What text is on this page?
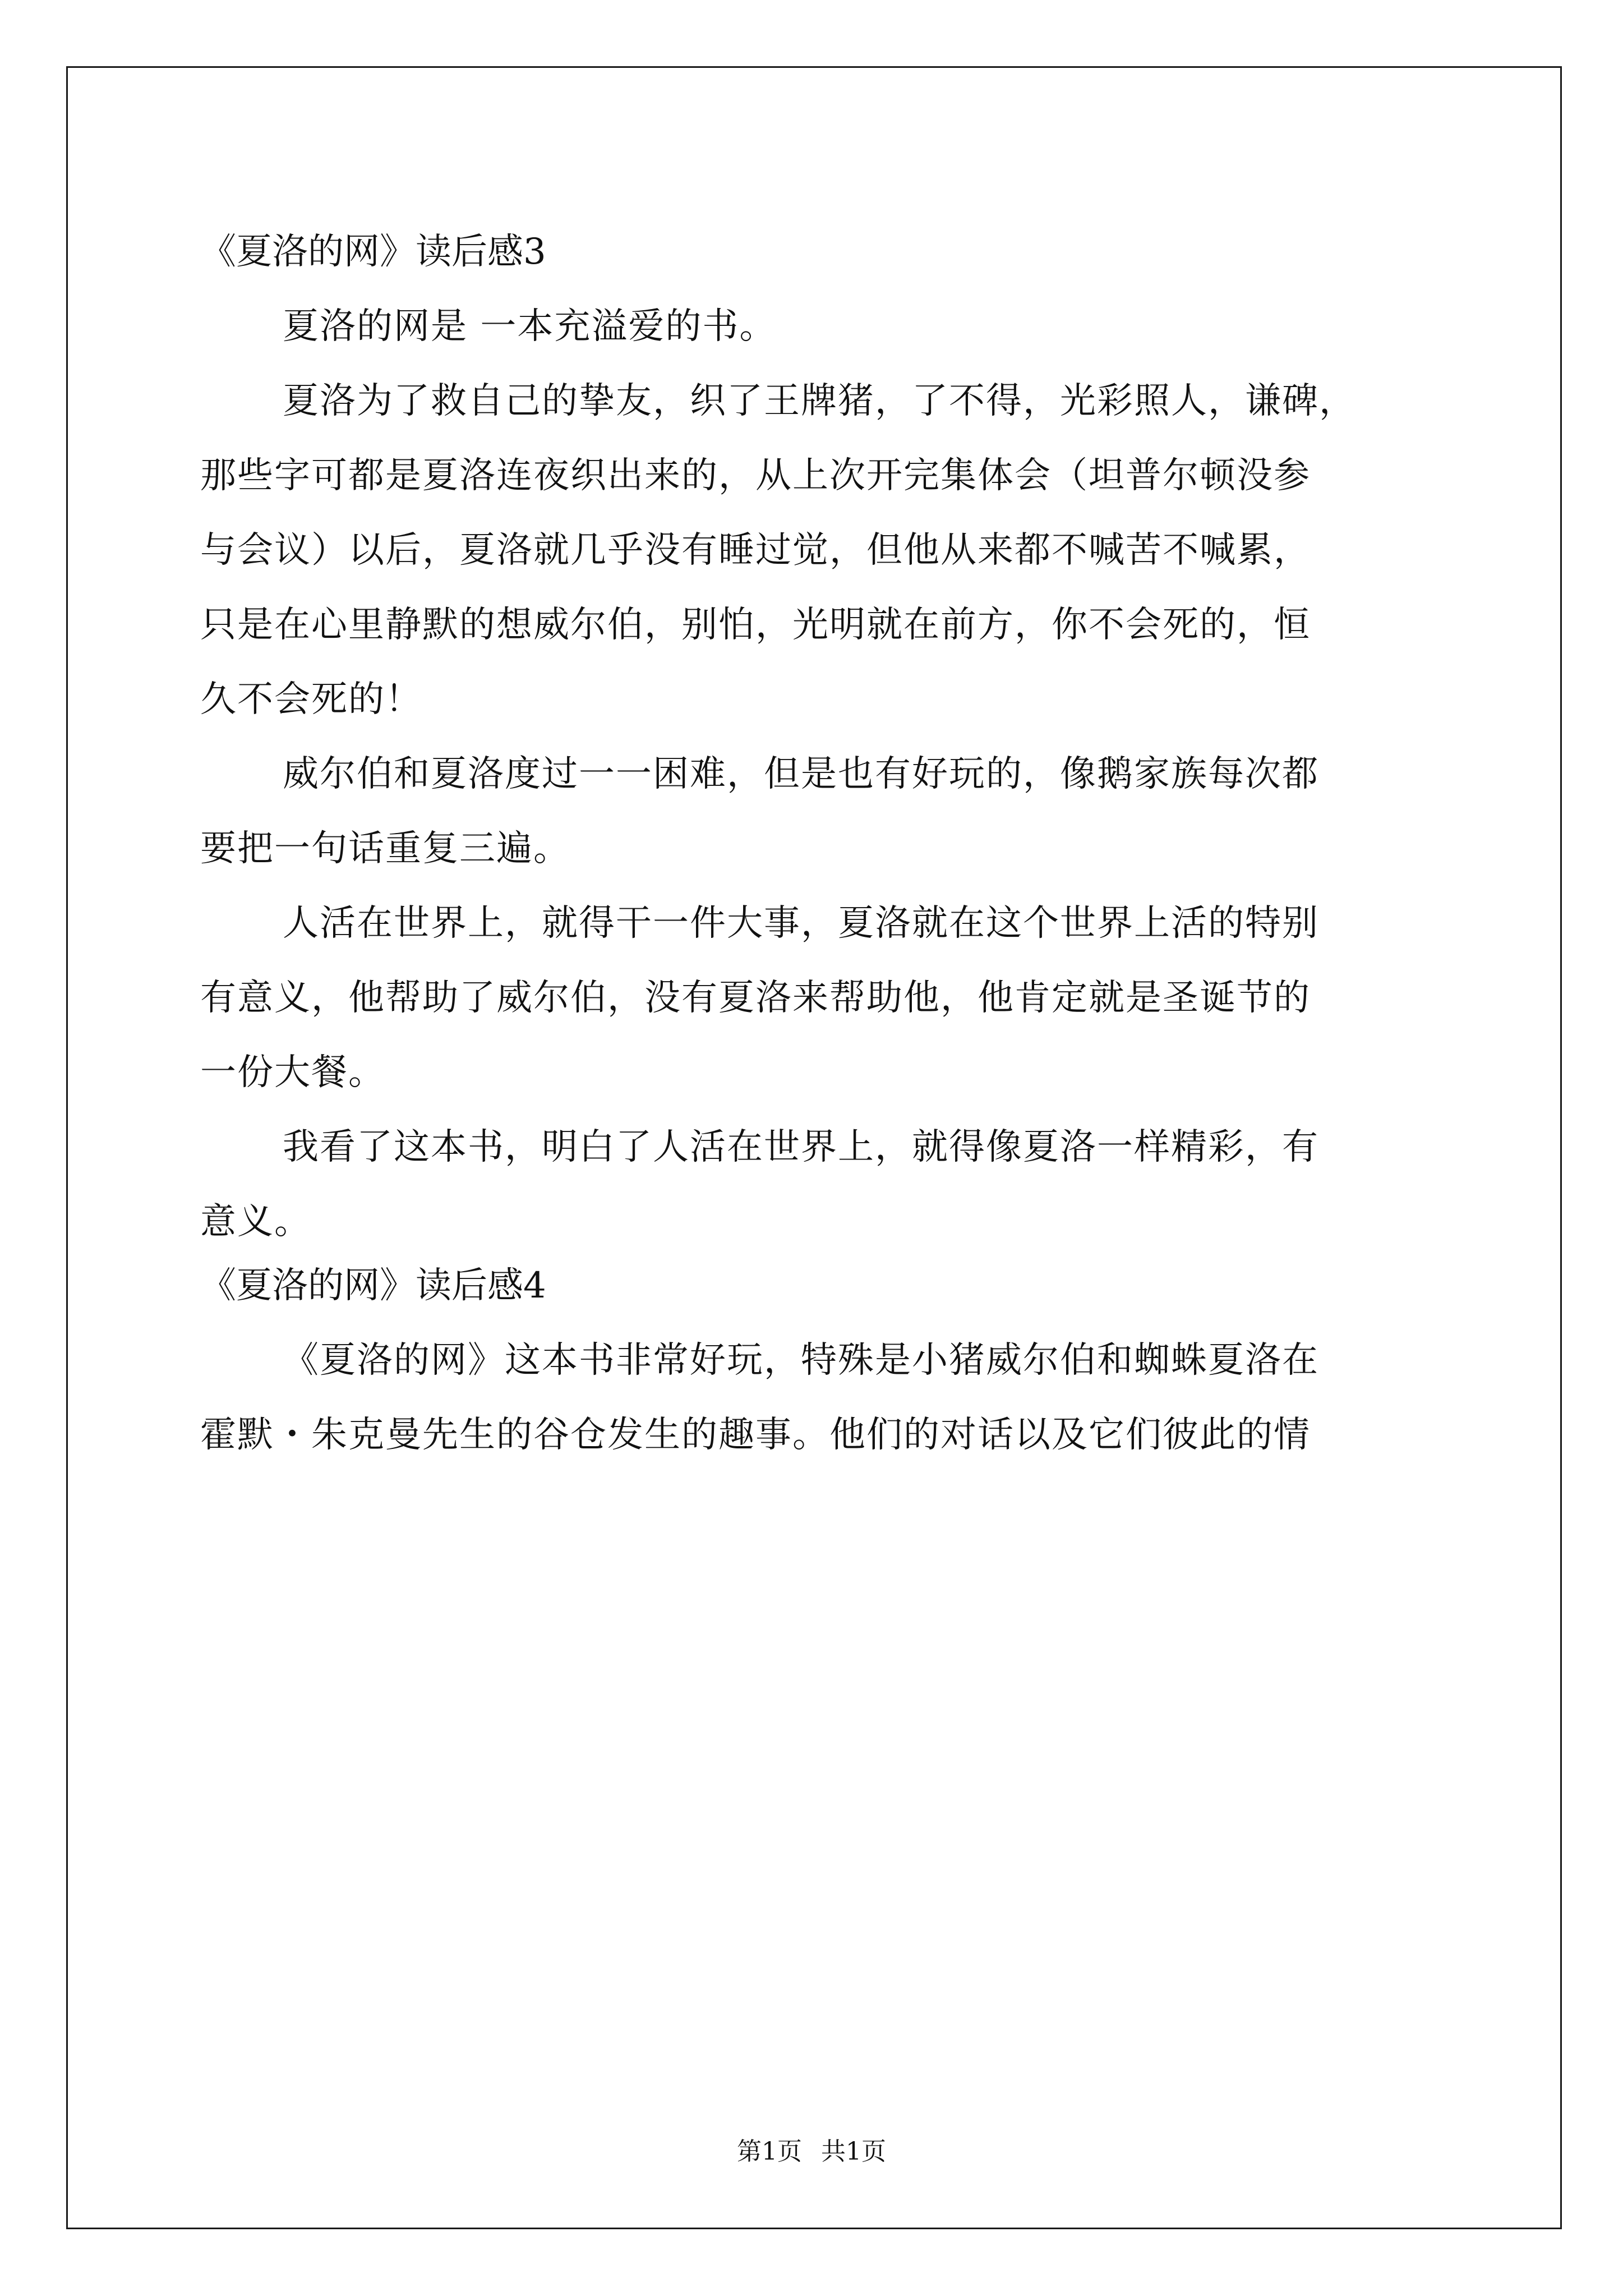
《夏洛的网》读后感3
夏洛的网是 一本充溢爱的书。
夏洛为了救自己的挚友，织了王牌猪，了不得，光彩照人，谦碑，
那些字可都是夏洛连夜织出来的，从上次开完集体会（坦普尔顿没参
与会议）以后，夏洛就几乎没有睡过觉，但他从来都不喊苦不喊累，
只是在心里静默的想威尔伯，别怕，光明就在前方，你不会死的，恒
久不会死的！
威尔伯和夏洛度过一一困难，但是也有好玩的，像鹅家族每次都
要把一句话重复三遍。
人活在世界上，就得干一件大事，夏洛就在这个世界上活的特别
有意义，他帮助了威尔伯，没有夏洛来帮助他，他肯定就是圣诞节的
一份大餐。
我看了这本书，明白了人活在世界上，就得像夏洛一样精彩，有
意义。
《夏洛的网》读后感4
《夏洛的网》这本书非常好玩，特殊是小猪威尔伯和蜘蛛夏洛在
霍默・朱克曼先生的谷仓发生的趣事。他们的对话以及它们彼此的情
第1页 共1页
